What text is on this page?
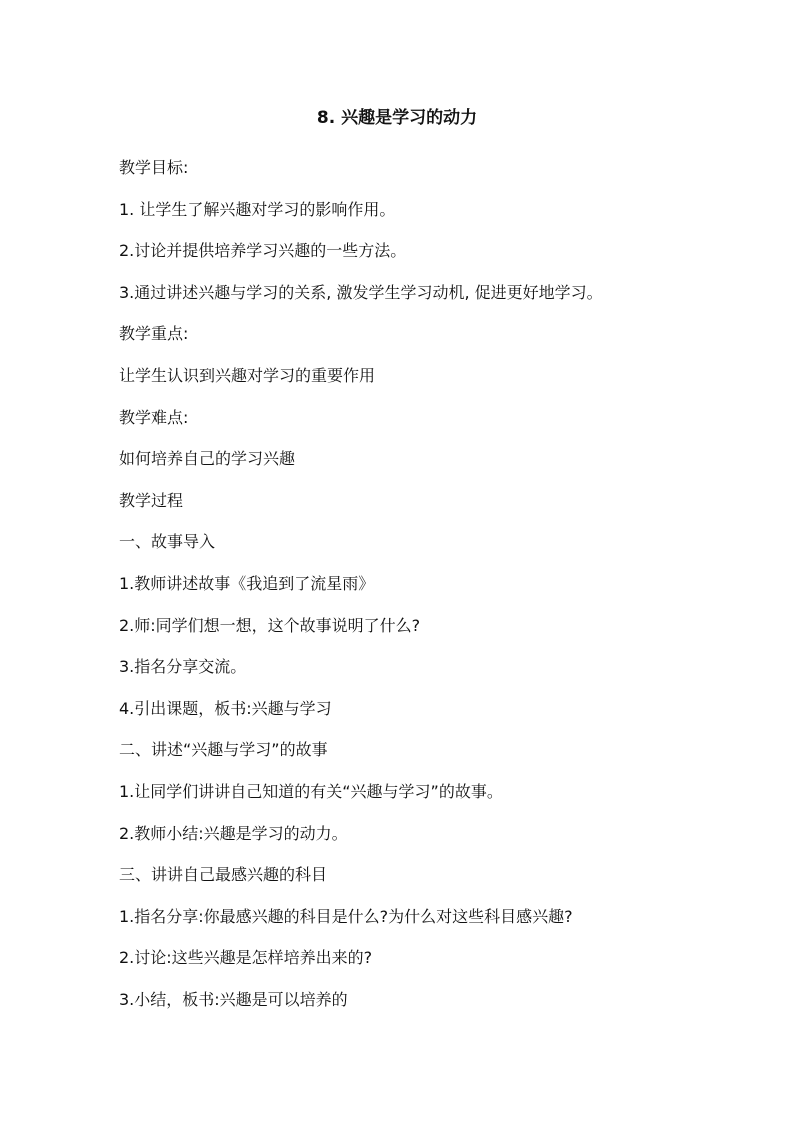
8. 兴趣是学习的动力
教学目标:
1. 让学生了解兴趣对学习的影响作用。
2.讨论并提供培养学习兴趣的一些方法。
3.通过讲述兴趣与学习的关系, 激发学生学习动机, 促进更好地学习。
教学重点:
让学生认识到兴趣对学习的重要作用
教学难点:
如何培养自己的学习兴趣
教学过程
一、故事导入
1.教师讲述故事《我追到了流星雨》
2.师:同学们想一想，这个故事说明了什么?
3.指名分享交流。
4.引出课题，板书:兴趣与学习
二、讲述“兴趣与学习”的故事
1.让同学们讲讲自己知道的有关“兴趣与学习”的故事。
2.教师小结:兴趣是学习的动力。
三、讲讲自己最感兴趣的科目
1.指名分享:你最感兴趣的科目是什么?为什么对这些科目感兴趣?
2.讨论:这些兴趣是怎样培养出来的?
3.小结，板书:兴趣是可以培养的
